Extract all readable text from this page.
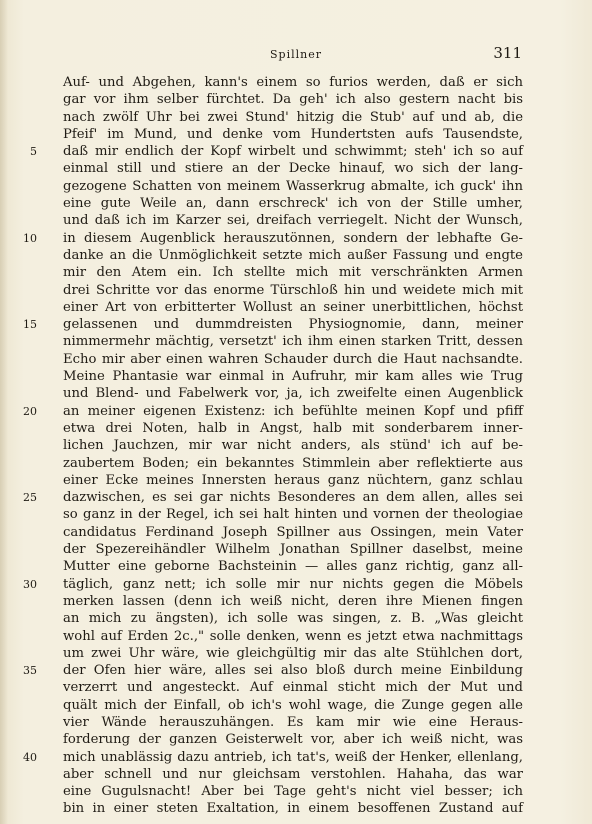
Spillner	311
Auf- und Abgehen, kann's einem so furios werden, daß er sich
gar vor ihm selber fürchtet. Da geh' ich also gestern nacht bis
nach zwölf Uhr bei zwei Stund' hitzig die Stub' auf und ab, die
Pfeif' im Mund, und denke vom Hundertsten aufs Tausendste,
5 daß mir endlich der Kopf wirbelt und schwimmt; steh' ich so auf
einmal still und stiere an der Decke hinauf, wo sich der lang-
gezogene Schatten von meinem Wasserkrug abmalte, ich guck' ihn
eine gute Weile an, dann erschreck' ich von der Stille umher,
und daß ich im Karzer sei, dreifach verriegelt. Nicht der Wunsch,
10 in diesem Augenblick herauszutönnen, sondern der lebhafte Ge-
danke an die Unmöglichkeit setzte mich außer Fassung und engte
mir den Atem ein. Ich stellte mich mit verschränkten Armen
drei Schritte vor das enorme Türschloß hin und weidete mich mit
einer Art von erbitterter Wollust an seiner unerbittlichen, höchst
15 gelassenen und dummdreisten Physiognomie, dann, meiner
nimmermehr mächtig, versetzt' ich ihm einen starken Tritt, dessen
Echo mir aber einen wahren Schauder durch die Haut nachsandte.
Meine Phantasie war einmal in Aufruhr, mir kam alles wie Trug
und Blend- und Fabelwerk vor, ja, ich zweifelte einen Augenblick
20 an meiner eigenen Existenz: ich befühlte meinen Kopf und pfiff
etwa drei Noten, halb in Angst, halb mit sonderbarem inner-
lichen Jauchzen, mir war nicht anders, als stünd' ich auf be-
zaubertem Boden; ein bekanntes Stimmlein aber reflektierte aus
einer Ecke meines Innersten heraus ganz nüchtern, ganz schlau
25 dazwischen, es sei gar nichts Besonderes an dem allen, alles sei
so ganz in der Regel, ich sei halt hinten und vornen der theologiae
candidatus Ferdinand Joseph Spillner aus Ossingen, mein Vater
der Spezereihändler Wilhelm Jonathan Spillner daselbst, meine
Mutter eine geborne Bachsteinin — alles ganz richtig, ganz all-
30 täglich, ganz nett; ich solle mir nur nichts gegen die Möbels
merken lassen (denn ich weiß nicht, deren ihre Mienen fingen
an mich zu ängsten), ich solle was singen, z. B. „Was gleicht
wohl auf Erden 2c.," solle denken, wenn es jetzt etwa nachmittags
um zwei Uhr wäre, wie gleichgültig mir das alte Stühlchen dort,
35 der Ofen hier wäre, alles sei also bloß durch meine Einbildung
verzerrt und angesteckt. Auf einmal sticht mich der Mut und
quält mich der Einfall, ob ich's wohl wage, die Zunge gegen alle
vier Wände herauszuhängen. Es kam mir wie eine Heraus-
forderung der ganzen Geisterwelt vor, aber ich weiß nicht, was
40 mich unablässig dazu antrieb, ich tat's, weiß der Henker, ellenlang,
aber schnell und nur gleichsam verstohlen. Hahaha, das war
eine Gugulsnacht! Aber bei Tage geht's nicht viel besser; ich
bin in einer steten Exaltation, in einem besoffenen Zustand auf
